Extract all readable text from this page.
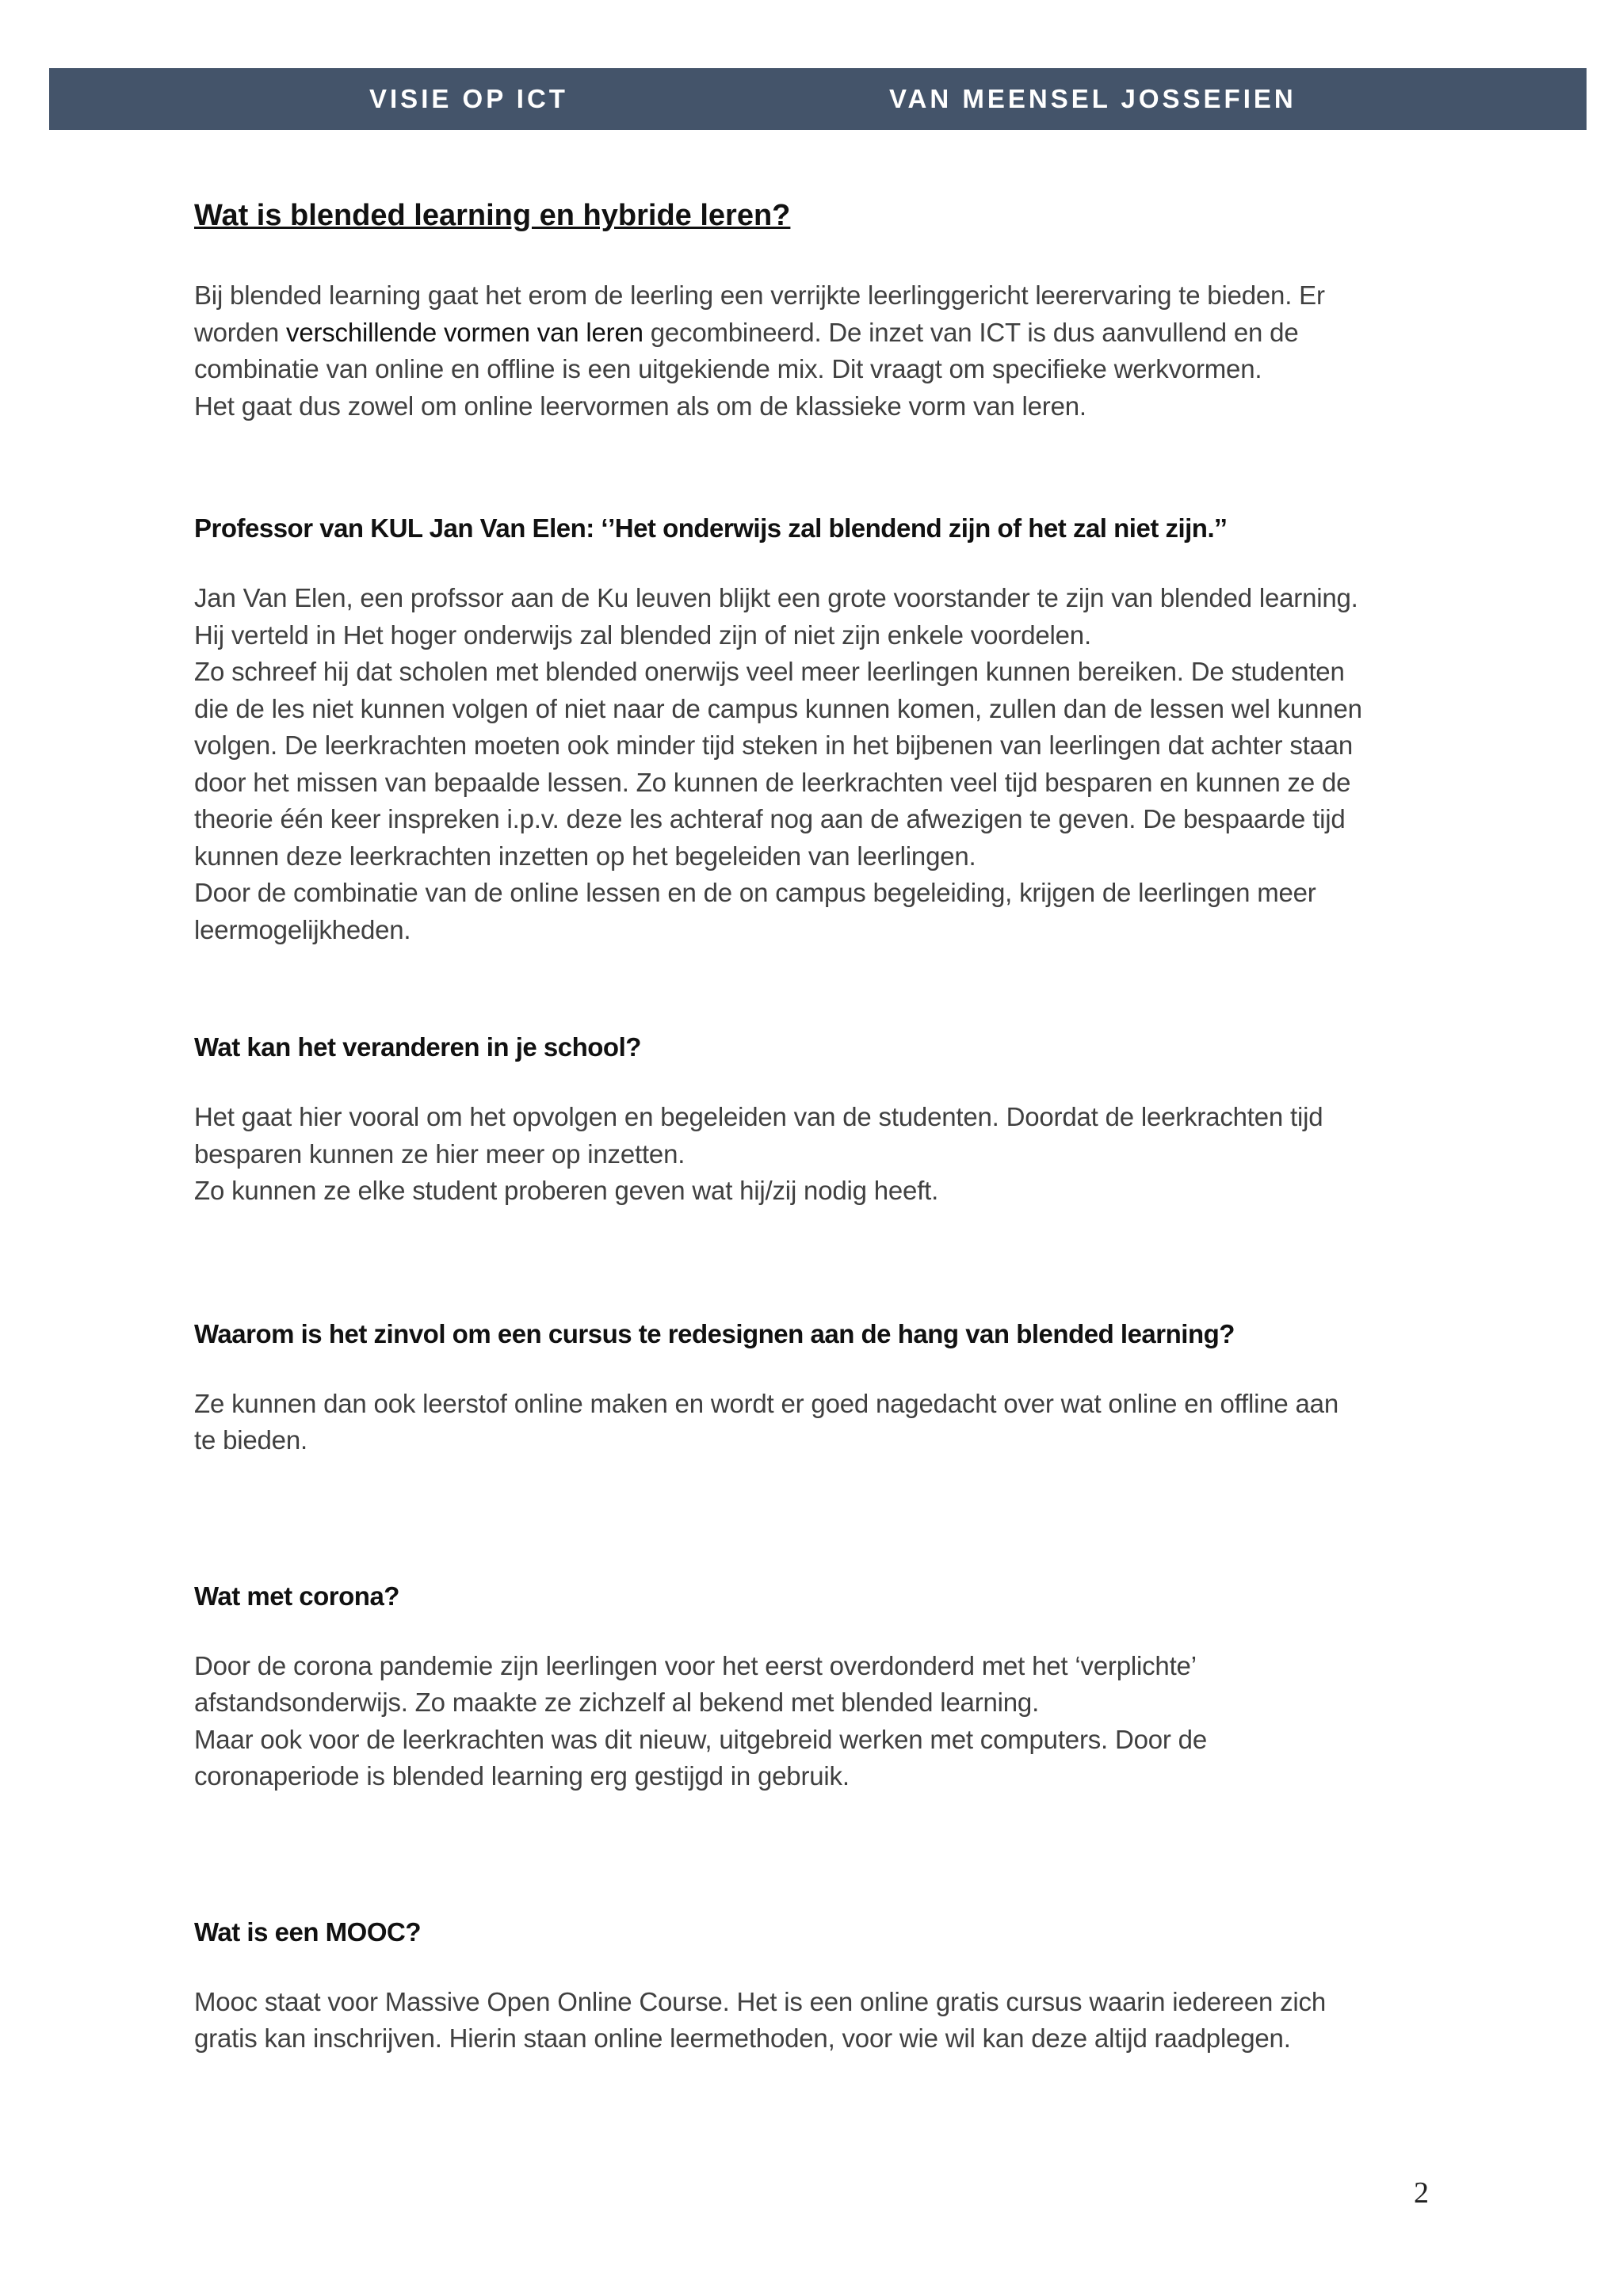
VISIE OP ICT	VAN MEENSEL JOSSEFIEN
Wat is blended learning en hybride leren?
Bij blended learning gaat het erom de leerling een verrijkte leerlinggericht leerervaring te bieden. Er
worden verschillende vormen van leren gecombineerd. De inzet van ICT is dus aanvullend en de
combinatie van online en offline is een uitgekiende mix. Dit vraagt om specifieke werkvormen.
Het gaat dus zowel om online leervormen als om de klassieke vorm van leren.
Professor van KUL Jan Van Elen: ‘’Het onderwijs zal blendend zijn of het zal niet zijn.’’
Jan Van Elen, een profssor aan de Ku leuven blijkt een grote voorstander te zijn van blended learning.
Hij verteld in Het hoger onderwijs zal blended zijn of niet zijn enkele voordelen.
Zo schreef hij dat scholen met blended onerwijs veel meer leerlingen kunnen bereiken. De studenten
die de les niet kunnen volgen of niet naar de campus kunnen komen, zullen dan de lessen wel kunnen
volgen. De leerkrachten moeten ook minder tijd steken in het bijbenen van leerlingen dat achter staan
door het missen van bepaalde lessen. Zo kunnen de leerkrachten veel tijd besparen en kunnen ze de
theorie één keer inspreken i.p.v. deze les achteraf nog aan de afwezigen te geven. De bespaarde tijd
kunnen deze leerkrachten inzetten op het begeleiden van leerlingen.
Door de combinatie van de online lessen en de on campus begeleiding, krijgen de leerlingen meer
leermogelijkheden.
Wat kan het veranderen in je school?
Het gaat hier vooral om het opvolgen en begeleiden van de studenten. Doordat de leerkrachten tijd
besparen kunnen ze hier meer op inzetten.
Zo kunnen ze elke student proberen geven wat hij/zij nodig heeft.
Waarom is het zinvol om een cursus te redesignen aan de hang van blended learning?
Ze kunnen dan ook leerstof online maken en wordt er goed nagedacht over wat online en offline aan
te bieden.
Wat met corona?
Door de corona pandemie zijn leerlingen voor het eerst overdonderd met het ‘verplichte’
afstandsonderwijs. Zo maakte ze zichzelf al bekend met blended learning.
Maar ook voor de leerkrachten was dit nieuw, uitgebreid werken met computers. Door de
coronaperiode is blended learning erg gestijgd in gebruik.
Wat is een MOOC?
Mooc staat voor Massive Open Online Course. Het is een online gratis cursus waarin iedereen zich
gratis kan inschrijven. Hierin staan online leermethoden, voor wie wil kan deze altijd raadplegen.
2
